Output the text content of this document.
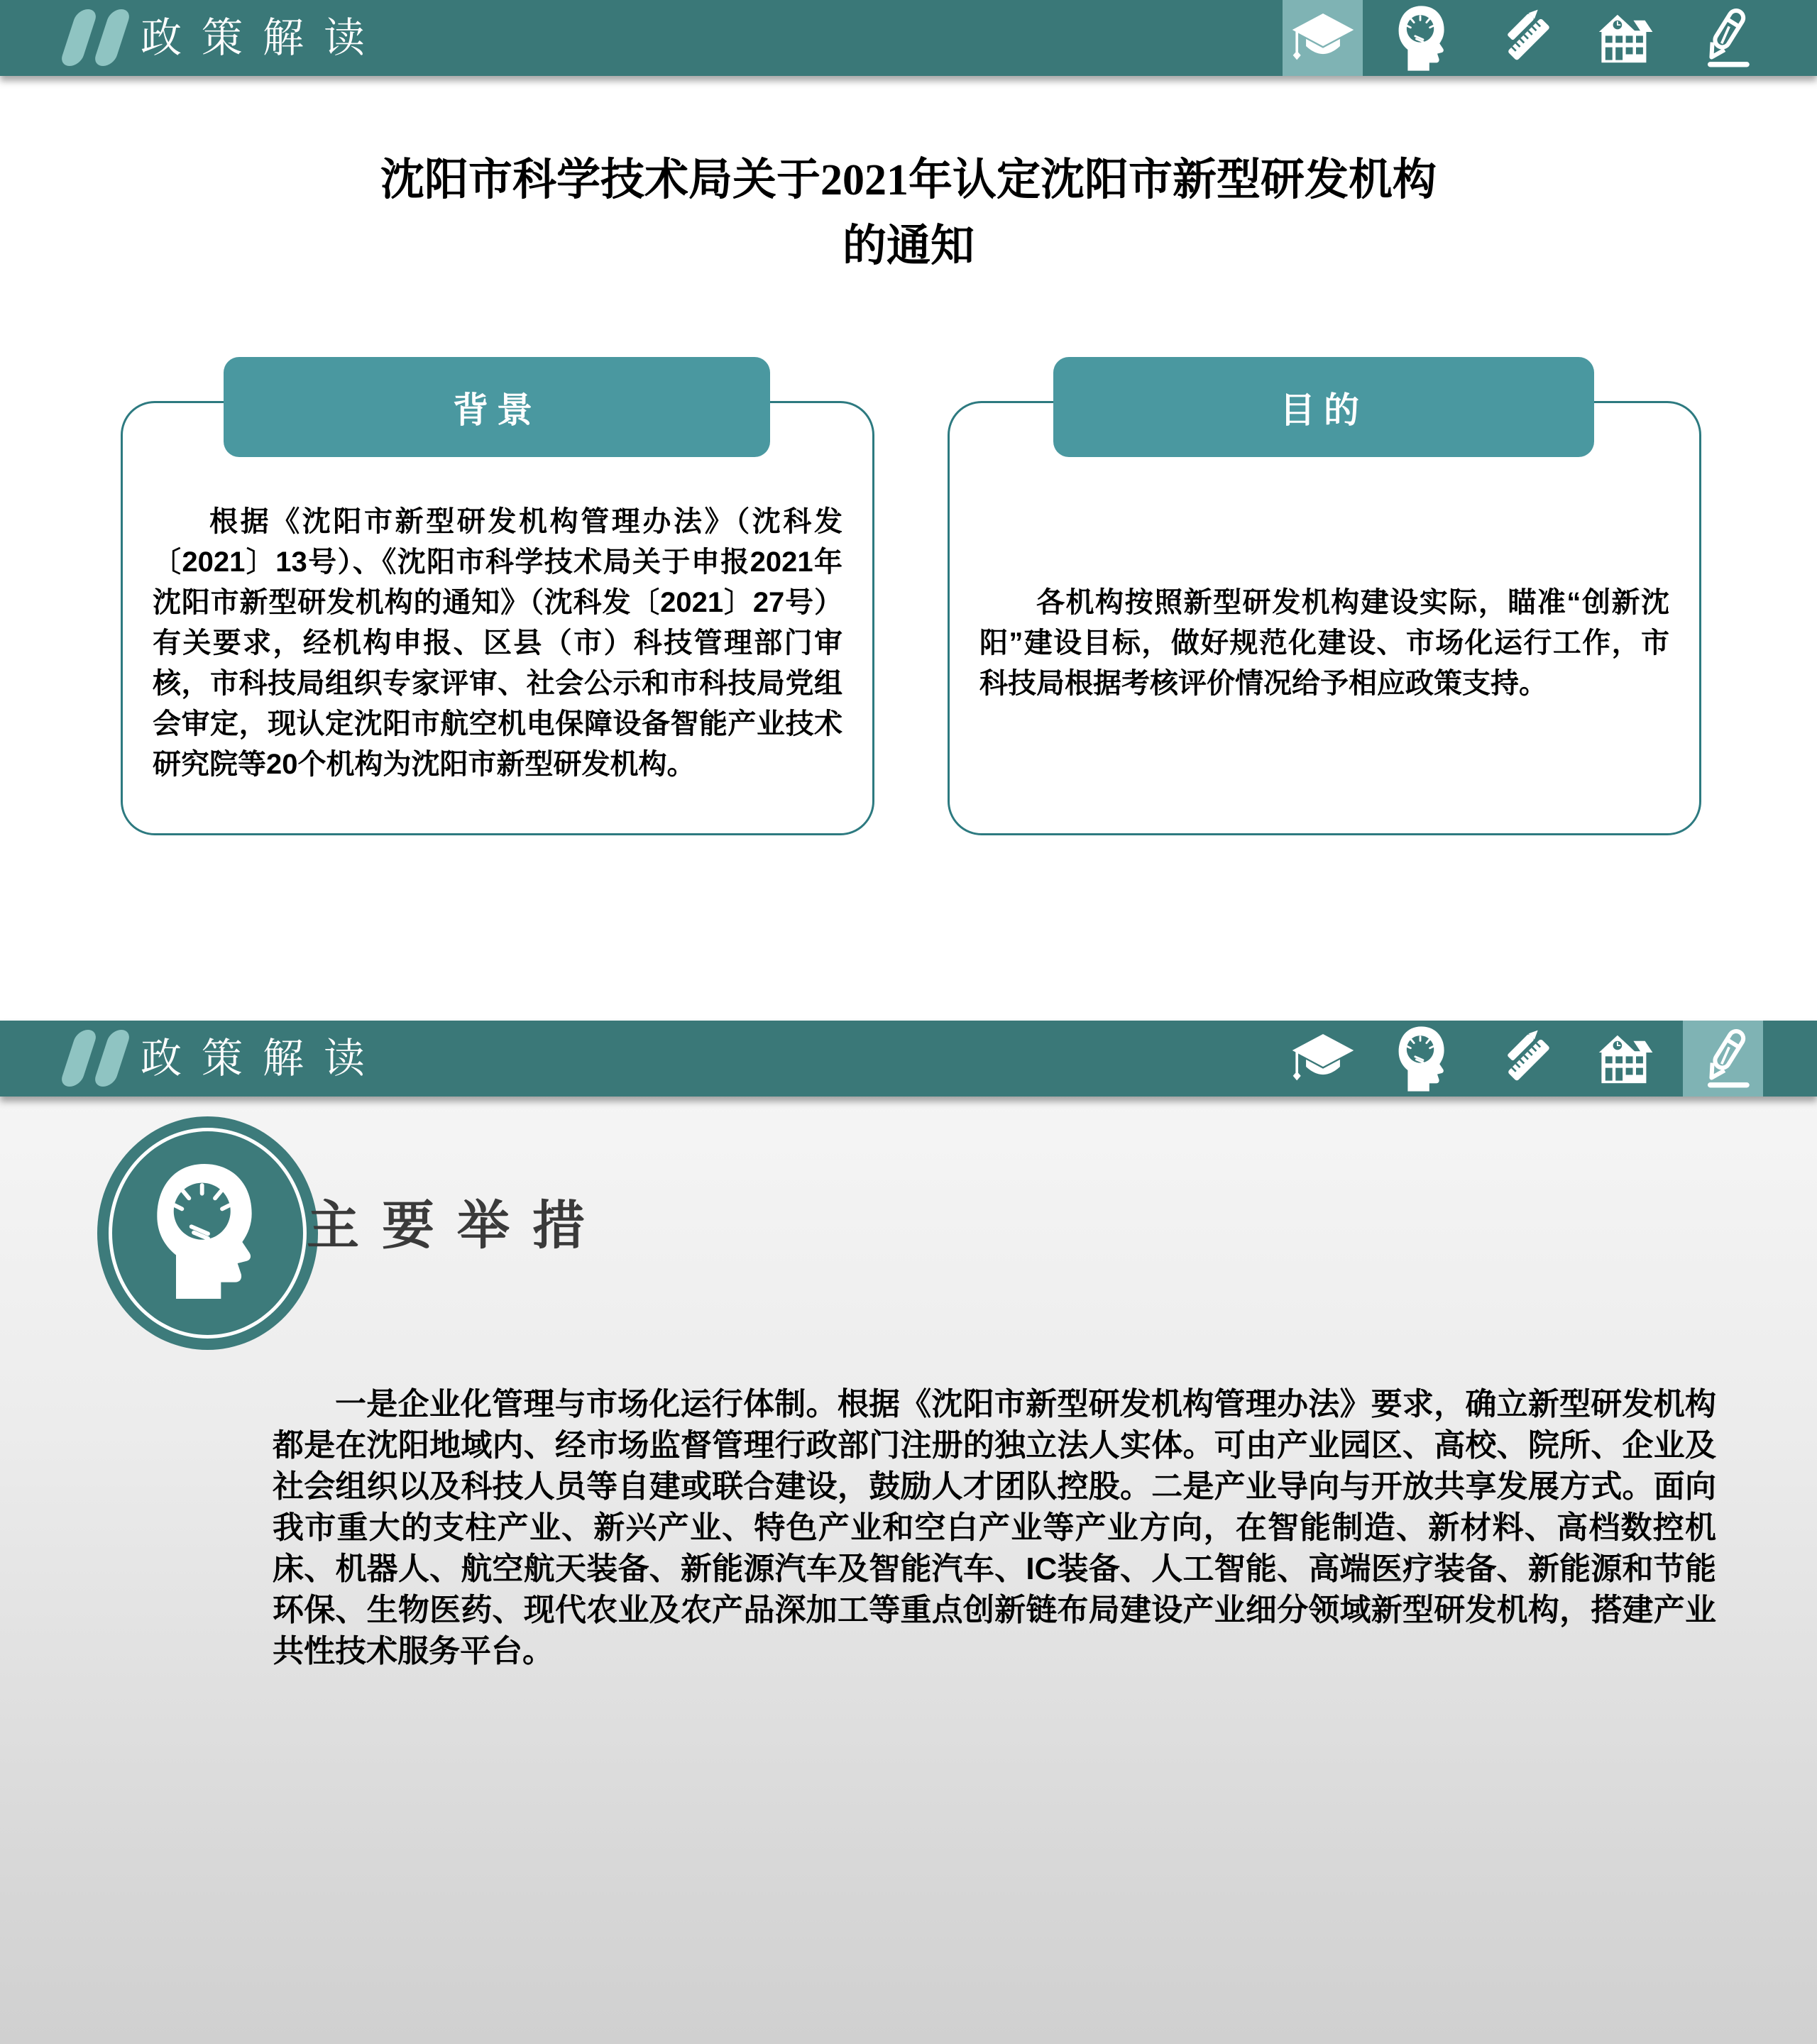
政策解读
沈阳市科学技术局关于2021年认定沈阳市新型研发机构
的通知
背景

根据《沈阳市新型研发机构管理办法》（沈科发〔2021〕13号）、《沈阳市科学技术局关于申报2021年沈阳市新型研发机构的通知》（沈科发〔2021〕27号）有关要求，经机构申报、区县（市）科技管理部门审核，市科技局组织专家评审、社会公示和市科技局党组会审定，现认定沈阳市航空机电保障设备智能产业技术研究院等20个机构为沈阳市新型研发机构。

目的

各机构按照新型研发机构建设实际，瞄准“创新沈阳”建设目标，做好规范化建设、市场化运行工作，市科技局根据考核评价情况给予相应政策支持。

政策解读
主要举措

一是企业化管理与市场化运行体制。根据《沈阳市新型研发机构管理办法》要求，确立新型研发机构都是在沈阳地域内、经市场监督管理行政部门注册的独立法人实体。可由产业园区、高校、院所、企业及社会组织以及科技人员等自建或联合建设，鼓励人才团队控股。二是产业导向与开放共享发展方式。面向我市重大的支柱产业、新兴产业、特色产业和空白产业等产业方向，在智能制造、新材料、高档数控机床、机器人、航空航天装备、新能源汽车及智能汽车、IC装备、人工智能、高端医疗装备、新能源和节能环保、生物医药、现代农业及农产品深加工等重点创新链布局建设产业细分领域新型研发机构，搭建产业共性技术服务平台。
